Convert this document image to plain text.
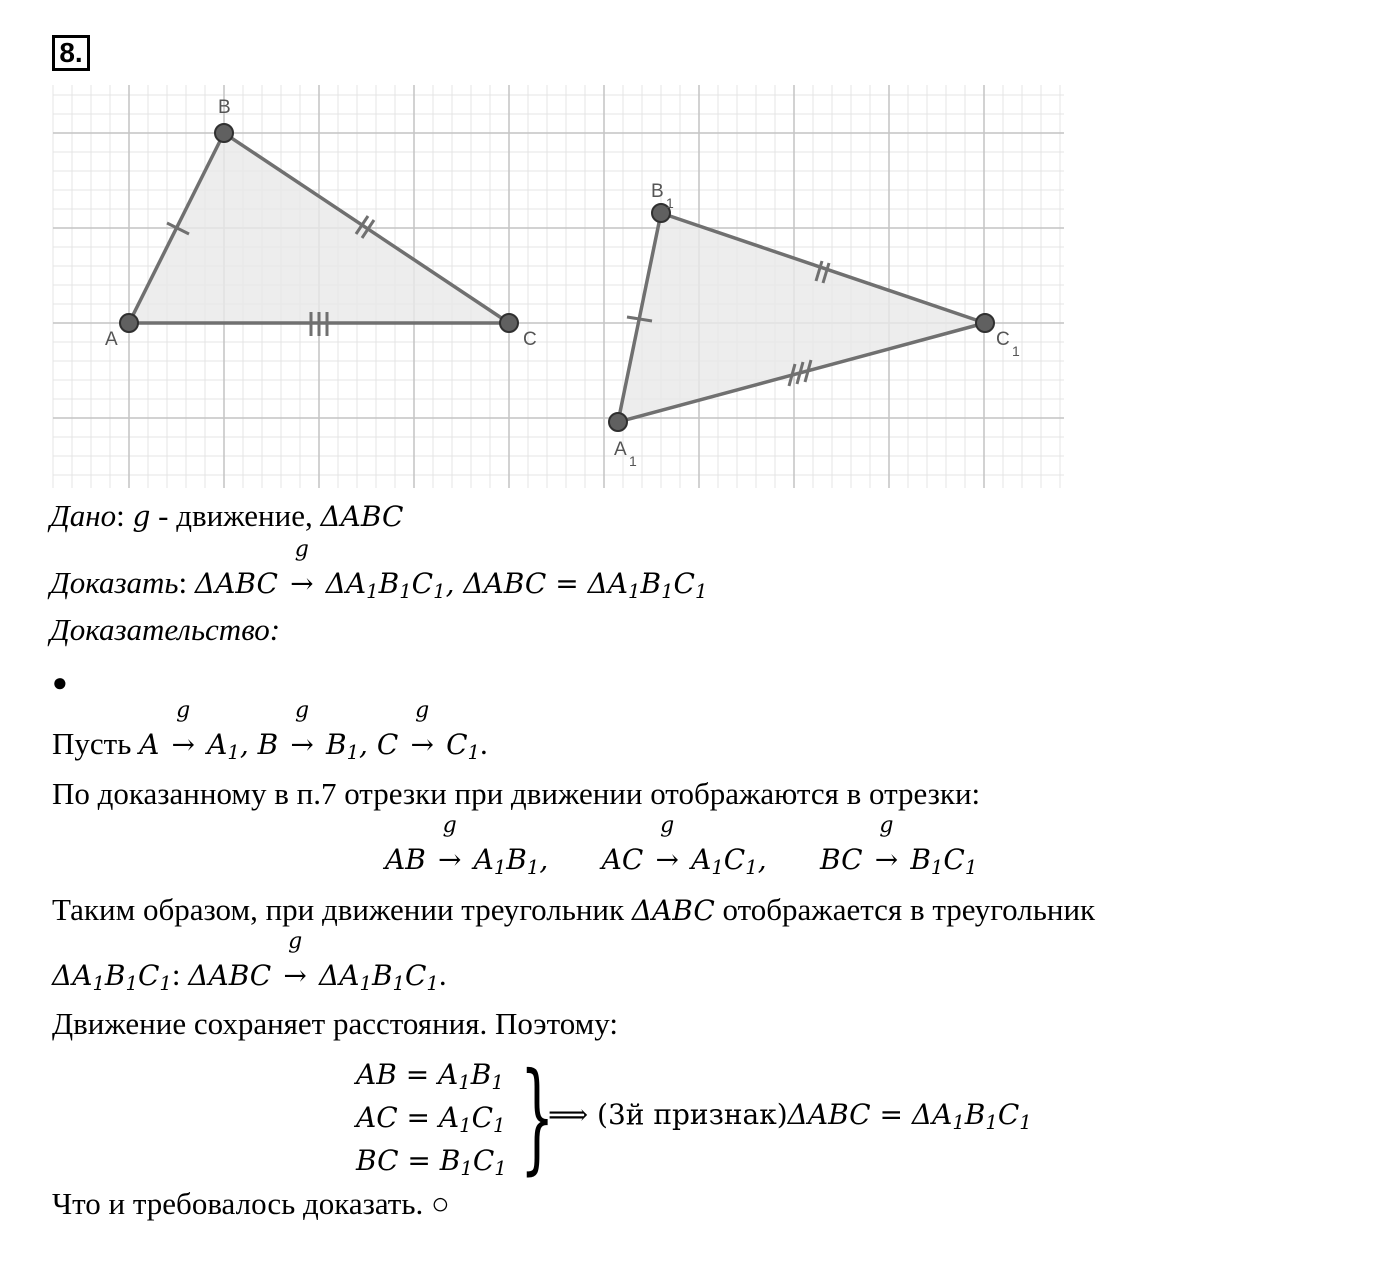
8.
A
B
C
A
1
B
1
C
1
Дано: g - движение, ΔABC
Доказать: ΔABC
g
→ $\Delta A_1B_1C_1$, $\Delta ABC = \Delta A_1B_1C_1$
Доказательство:
●
Пусть A
g
→ $A_1$, B
g
→ $B_1$, C
g
→ $C_1$.
По доказанному в п.7 отрезки при движении отображаются в отрезки:
AB
g
→ $A_1B_1$,      AC
g
→ $A_1C_1$,      BC
g
→ $B_1C_1$
Таким образом, при движении треугольник ΔABC отображается в треугольник
$\Delta A_1B_1C_1$: ΔABC
g
→ $\Delta A_1B_1C_1$.
Движение сохраняет расстояния. Поэтому:
AB = $A_1B_1$
AC = $A_1C_1$
BC = $B_1C_1$ }
⟹ (3й признак)ΔABC = $\Delta A_1B_1C_1$
Что и требовалось доказать. ○
